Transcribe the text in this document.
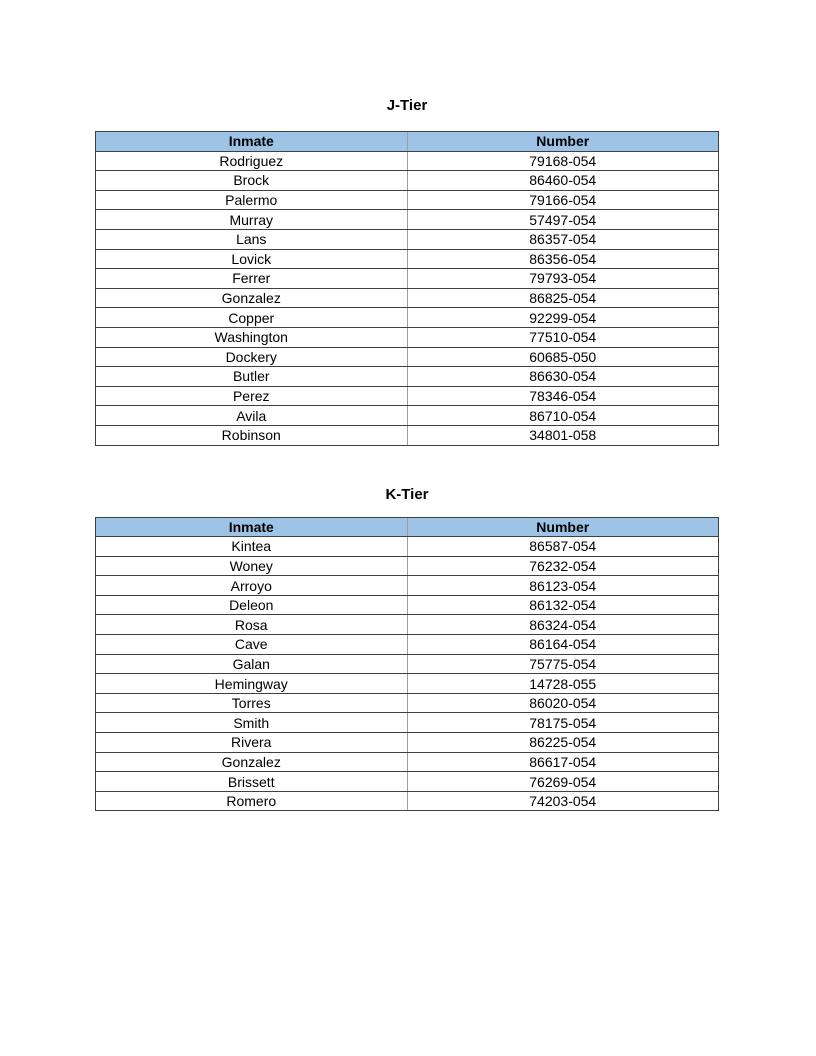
J-Tier
Inmate	Number
Rodriguez	79168-054
Brock	86460-054
Palermo	79166-054
Murray	57497-054
Lans	86357-054
Lovick	86356-054
Ferrer	79793-054
Gonzalez	86825-054
Copper	92299-054
Washington	77510-054
Dockery	60685-050
Butler	86630-054
Perez	78346-054
Avila	86710-054
Robinson	34801-058
K-Tier
Inmate	Number
Kintea	86587-054
Woney	76232-054
Arroyo	86123-054
Deleon	86132-054
Rosa	86324-054
Cave	86164-054
Galan	75775-054
Hemingway	14728-055
Torres	86020-054
Smith	78175-054
Rivera	86225-054
Gonzalez	86617-054
Brissett	76269-054
Romero	74203-054
